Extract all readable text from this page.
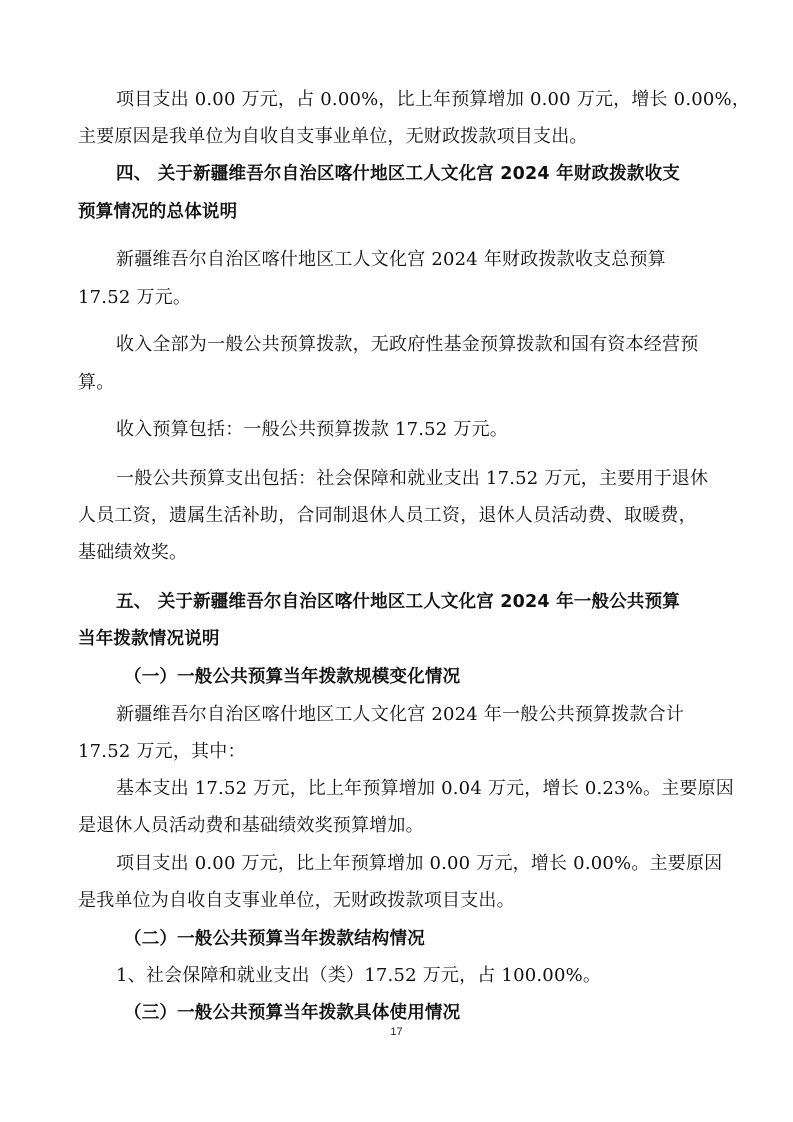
项目支出 0.00 万元，占 0.00%，比上年预算增加 0.00 万元，增长 0.00%，
主要原因是我单位为自收自支事业单位，无财政拨款项目支出。
四、 关于新疆维吾尔自治区喀什地区工人文化宫 2024 年财政拨款收支
预算情况的总体说明
新疆维吾尔自治区喀什地区工人文化宫 2024 年财政拨款收支总预算
17.52 万元。
收入全部为一般公共预算拨款，无政府性基金预算拨款和国有资本经营预
算。
收入预算包括：一般公共预算拨款 17.52 万元。
一般公共预算支出包括：社会保障和就业支出 17.52 万元，主要用于退休
人员工资，遗属生活补助，合同制退休人员工资，退休人员活动费、取暖费，
基础绩效奖。
五、 关于新疆维吾尔自治区喀什地区工人文化宫 2024 年一般公共预算
当年拨款情况说明
（一）一般公共预算当年拨款规模变化情况
新疆维吾尔自治区喀什地区工人文化宫 2024 年一般公共预算拨款合计
17.52 万元，其中：
基本支出 17.52 万元，比上年预算增加 0.04 万元，增长 0.23%。主要原因
是退休人员活动费和基础绩效奖预算增加。
项目支出 0.00 万元，比上年预算增加 0.00 万元，增长 0.00%。主要原因
是我单位为自收自支事业单位，无财政拨款项目支出。
（二）一般公共预算当年拨款结构情况
1、社会保障和就业支出（类）17.52 万元，占 100.00%。
（三）一般公共预算当年拨款具体使用情况
17
